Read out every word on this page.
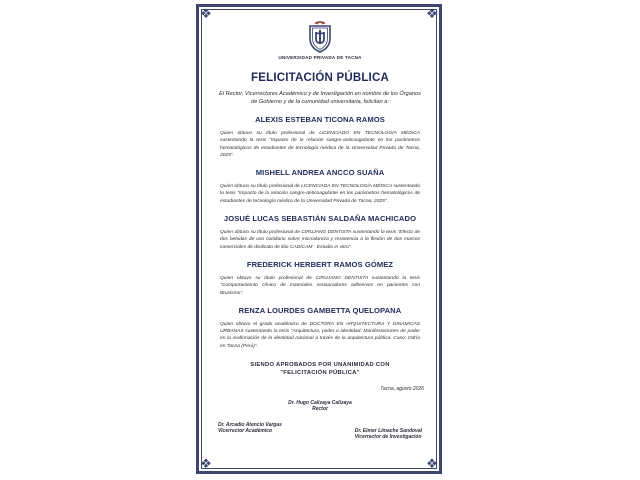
❖	❖
❖	❖
UNIVERSIDAD PRIVADA DE TACNA
FELICITACIÓN PÚBLICA
El Rector, Vicerrectores Académico y de Investigación en nombre de los Órganos de Gobierno y de la comunidad universitaria, felicitan a:
ALEXIS ESTEBAN TICONA RAMOS
Quien obtuvo su título profesional de LICENCIADO EN TECNOLOGÍA MÉDICA sustentando la tesis "Impacto de la relación sangre-anticoagulante en los parámetros hematológicos de estudiantes de tecnología médica de la Universidad Privada de Tacna, 2025".
MISHELL ANDREA ANCCO SUAÑA
Quien obtuvo su título profesional de LICENCIADA EN TECNOLOGÍA MÉDICA sustentando la tesis "Impacto de la relación sangre-anticoagulante en los parámetros hematológicos de estudiantes de tecnología médica de la Universidad Privada de Tacna, 2025".
JOSUÉ LUCAS SEBASTIÁN SALDAÑA MACHICADO
Quien obtuvo su título profesional de CIRUJANO DENTISTA sustentando la tesis "Efecto de dos bebidas de uso cotidiano sobre microdureza y resistencia a la flexión de dos marcos comerciales de disilicato de litio CAD/CAM - Estudio in vitro".
FREDERICK HERBERT RAMOS GÓMEZ
Quien obtuvo su título profesional de CIRUJANO DENTISTA sustentando la tesis "Comportamiento clínico de materiales restauradores adhesivos en pacientes con Bruxismo".
RENZA LOURDES GAMBETTA QUELOPANA
Quien obtuvo el grado académico de DOCTORA EN ARQUITECTURA Y DINÁMICAS URBANAS sustentando la tesis "Arquitectura, poder e identidad: Manifestaciones de poder en la reafirmación de la identidad nacional a través de la arquitectura pública. Caso: Odría en Tacna (Perú)".
SIENDO APROBADOS POR UNANIMIDAD CON
"FELICITACIÓN PÚBLICA"
Tacna, agosto 2026
Dr. Hugo Calizaya Calizaya
Rector
Dr. Arcadio Atencio Vargas
Vicerrector Académico	Dr. Elmer Limache Sandoval
Vicerrector de Investigación
